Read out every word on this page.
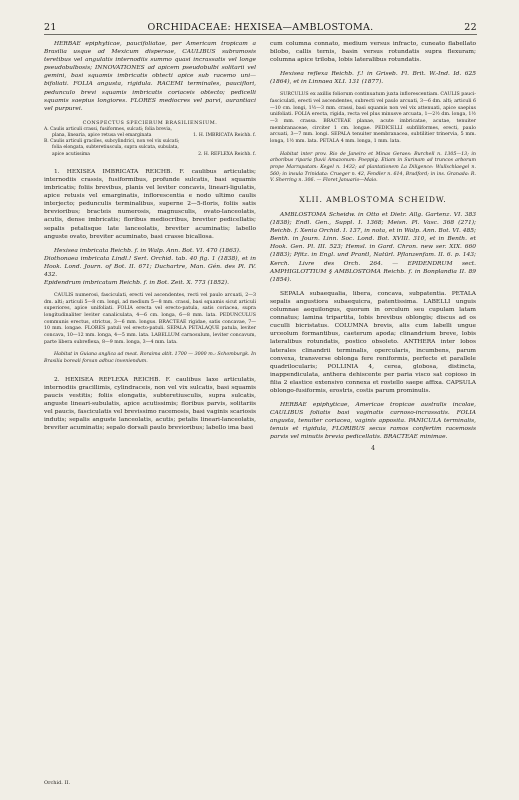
21	ORCHIDACEAE: HEXISEA—AMBLOSTOMA.	22

HERBAE epiphyticae, paucifoliatae, per Americam tropicam a Brasilia usque ad Mexicum dispersae, CAULIBUS subramosis teretibus vel angulatis internodiis summo quasi incrassatis vel longe pseudobulbosis; INNOVATIONES ad apicem pseudobulbi solitarii vel gemini, basi squamis imbricatis obtecti apice sub racemo uni—bifoliati. FOLIA angusta, rigidula. RACEMI terminales, pauciflori, pedunculo brevi squamis imbricatis coriaceis obtecto; pedicelli squamis saepius longiores. FLORES mediocres vel parvi, aurantiaci vel purpurei.

CONSPECTUS SPECIERUM BRASILIENSIUM.

A. Caulis articuli crassi, fusiformes, sulcati; folia brevia,
plana, linearia, apice retusa vel emarginata	1. H. IMBRICATA Reichb. f.
B. Caulis articuli graciles, subcylindrici, non vel vix sulcati;
folia elongata, subteretiuscula, supra sulcata, subulata,
apice acutissima	2. H. REFLEXA Reichb. f.

1. HEXISEA IMBRICATA REICHB. F. caulibus articulatis; internodiis crassis, fusiformibus, profunde sulcatis, basi squamis imbricatis; foliis brevibus, planis vel leviter concavis, lineari-ligulatis, apice retusis vel emarginatis, inflorescentia e nodo ultimo caulis interjecto; pedunculis terminalibus, superne 2—5-floris, foliis satis brevioribus; bracteis numerosis, magnusculis, ovato-lanceolatis, acutis, dense imbricatis; floribus mediocribus, breviter pedicellatis; sepalis petalisque late lanceolatis, breviter acuminatis; labello anguste ovato, breviter acuminato, basi crasse bicallosa.

Hexisea imbricata Reichb. f. in Walp. Ann. Bot. VI. 470 (1863).
Diothonaea imbricata Lindl.! Sert. Orchid. tab. 40 fig. 1 (1838), et in Hook. Lond. Journ. of Bot. II. 671; Duchartre, Man. Gén. des Pl. IV. 432.
Epidendrum imbricatum Reichb. f. in Bot. Zeit. X. 773 (1852).

CAULIS numerosi, fasciculati, erecti vel ascendentes, recti vel paulo arcuati, 2—3 dm. alti; articuli 5—8 cm. longi, ad medium 5—8 mm. crassi, basi squamis sicut articuli superiores, apice unifoliati. FOLIA erecta vel erecto-patula, satis coriacea, supra longitudinaliter leviter canaliculata, 4—6 cm. longa, 6—8 mm. lata. PEDUNCULUS communis erectus, strictus, 3—6 mm. longus. BRACTEAE rigidae, satis concavae, 7—10 mm. longae. FLORES patuli vel erecto-patuli. SEPALA PETALAQUE patula, leviter concava, 10—12 mm. longa, 4—5 mm. lata. LABELLUM carnosulum, leviter concavum, parte libera subreflexa, 8—9 mm. longa, 3—4 mm. lata.

Habitat in Guiana anglica ad meat. Roraima altit. 1700 — 3000 m.: Schomburgk. In Brasilia boreali forsan adhuc inveniendum.

2. HEXISEA REFLEXA REICHB. F. caulibus laxe articulatis, internodiis gracillimis, cylindraceis, non vel vix sulcatis, basi squamis paucis vestitis; foliis elongatis, subteretiusculis, supra sulcatis, anguste lineari-subulatis, apice acutissimis; floribus parvis, solitariis vel paucis, fasciculatis vel brevissimo racemosis, basi vaginis scariosis indutis; sepalis anguste lanceolatis, acutis; petalis lineari-lanceolatis, breviter acuminatis; sepalo dorsali paulo brevioribus; labello ima basi

Orchid. II.

cum columna connato, medium versus infracto, cuneato flabellato bilobo, callis ternis, basin versus rotundatis supra flexuram; columna apice triloba, lobis lateralibus rotundatis.

Hexisea reflexa Reichb. f.! in Griseb. Fl. Brit. W.-Ind. Id. 625 (1864), et in Linnaea XLI. 131 (1877).

SURCULUS ex axillis foliorum continuatum juxta inflorescentiam. CAULIS pauci-fasciculati, erecti vel ascendentes, subrecti vel paulo arcuati, 3—6 dm. alti; articuli 6—10 cm. longi, 1½—3 mm. crassi, basi squamis non vel vix attenuati, apice saepius unifoliati. FOLIA erecta, rigida, recta vel plus minusve arcuata, 1—2½ dm. longa, 1½—3 mm. crassa. BRACTEAE planae, acute imbricatae, acutae, tenuiter membranaceae, circiter 1 cm. longae. PEDICELLI subfiliformes, erecti, paulo arcuati, 3—7 mm. longi. SEPALA tenuiter membranacea, subtilitier trinervia, 5 mm. longa, 1½ mm. lata. PETALA 4 mm. longa, 1 mm. lata.

Habitat inter prov. Rio de Janeiro et Minas Geraes: Burchell n. 1305—13; in arboribus riparia fluvii Amazonum: Poeppig. Etiam in Surinam ad truncos arborum prope Marrapatam: Kegel n. 1432; ad plantationem La Diligence: Wullschlaegel n. 560; in insula Trinidata: Crueger n. 42, Fendler n. 614, Bradford; in ins. Granada: R. V. Sherring n. 306. — Floret Januario—Maio.

XLII. AMBLOSTOMA SCHEIDW.

AMBLOSTOMA Scheidw. in Otto et Dietr. Allg. Gartenz. VI. 383 (1838); Endl. Gen., Suppl. I. 1368; Meisn. Pl. Vasc. 368 (271); Reichb. f. Xenia Orchid. I. 137, in nota, et in Walp. Ann. Bot. VI. 485; Benth. in Journ. Linn. Soc. Lond. Bot. XVIII. 310, et in Benth. et Hook. Gen. Pl. III. 523; Hemsl. in Gard. Chron. new ser. XIX. 660 (1883); Pfitz. in Engl. und Prantl, Natürl. Pflanzenfam. II. 6. p. 143; Kerch. Livre des Orch. 264. — EPIDENDRUM sect. AMPHIGLOTTIUM § AMBLOSTOMA Reichb. f. in Bonplandia II. 89 (1854).

SEPALA subaequalia, libera, concava, subpatentia. PETALA sepalis angustiora subaequicra, patentissima. LABELLI unguis columnae aequilongus, quorum in orculum seu cupulam latam connatus; lamina tripartita, lobis brevibus oblongis; discus ad os cuculli bicristatus. COLUMNA brevis, alis cum labelli ungue urceolum formantibus, caeterum apoda; clinandrium breve, lobis lateralibus rotundatis, postico obsoleto. ANTHERA inter lobos laterales clinandrii terminalis, opercularis, incumbens, parum convexa, transverse oblonga fere reniformis, perfecte et parallele quadrilocularis; POLLINIA 4, cerea, globosa, distincta, inappendiculata, anthera dehiscente per paria visco sat copioso in filia 2 elastice extensivo connexa et rostello saepe affixa. CAPSULA oblongo-fusiformis, erostris, costis parum prominulis.

HERBAE epiphyticae, Americae tropicae australis incolae, CAULIBUS foliatis basi vaginatis carnoso-incrassatis. FOLIA angusta, tenuiter coriacea, vaginis apposita. PANICULA terminalis, tenuis et rigidula, FLORIBUS secus ramos confertim racemosis parvis vel minutis brevia pedicellatis. BRACTEAE minimae.

4
